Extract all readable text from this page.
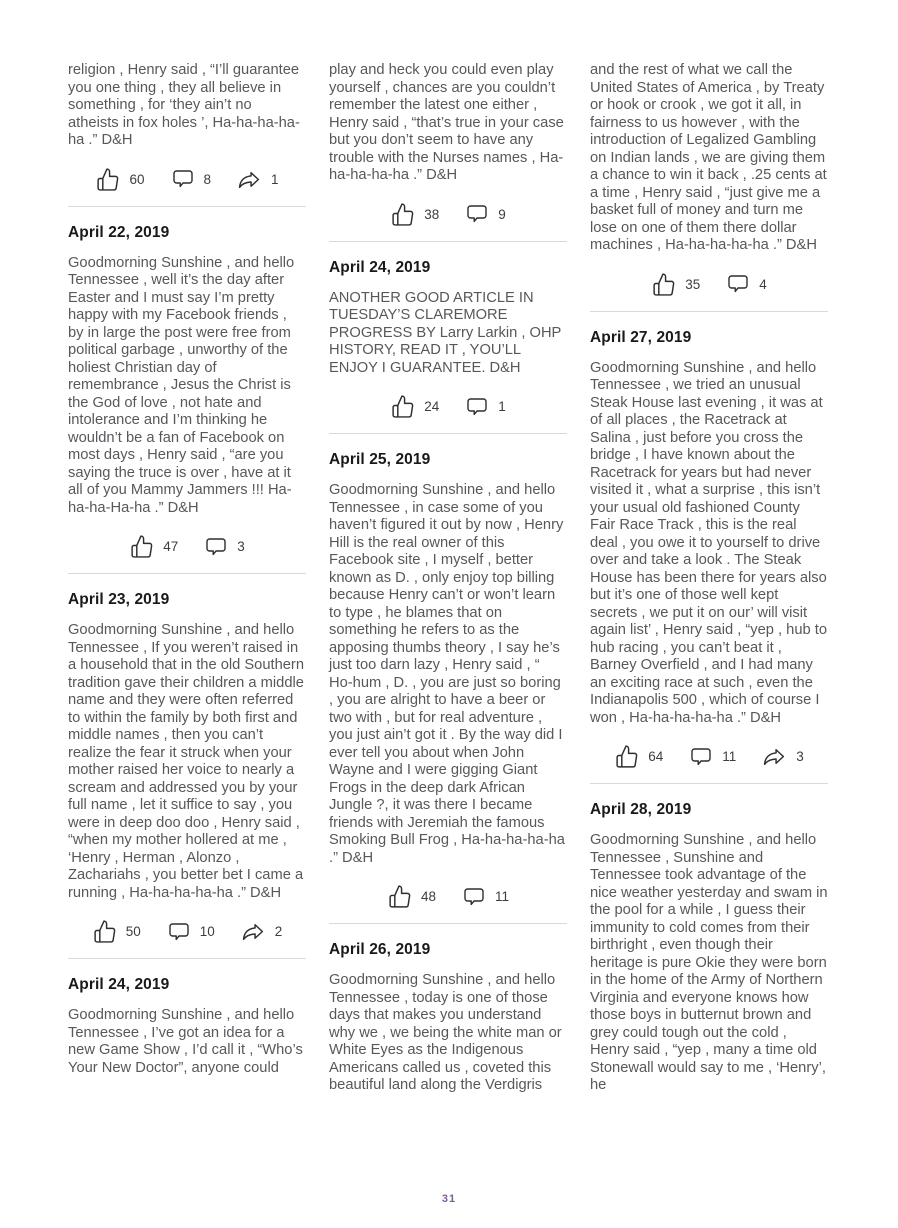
religion , Henry said , “I’ll guarantee you one thing , they all believe in something , for ‘they ain’t no atheists in fox holes ’, Ha-ha-ha-ha-ha .” D&H

60	8	1
April 22, 2019

Goodmorning Sunshine , and hello Tennessee , well it’s the day after Easter and I must say I’m pretty happy with my Facebook friends , by in large the post were free from political garbage , unworthy of the holiest Christian day of remembrance , Jesus the Christ is the God of love , not hate and intolerance and I’m thinking he wouldn’t be a fan of Facebook on most days , Henry said , “are you saying the truce is over , have at it all of you Mammy Jammers !!! Ha-ha-ha-Ha-ha .” D&H

47	3
April 23, 2019

Goodmorning Sunshine , and hello Tennessee , If you weren’t raised in a household that in the old Southern tradition gave their children a middle name and they were often referred to within the family by both first and middle names , then you can’t realize the fear it struck when your mother raised her voice to nearly a scream and addressed you by your full name , let it suffice to say , you were in deep doo doo , Henry said , “when my mother hollered at me , ‘Henry , Herman , Alonzo , Zachariahs , you better bet I came a running , Ha-ha-ha-ha-ha .” D&H

50	10	2
April 24, 2019

Goodmorning Sunshine , and hello Tennessee , I’ve got an idea for a new Game Show , I’d call it , “Who’s Your New Doctor”, anyone could

play and heck you could even play yourself , chances are you couldn’t remember the latest one either , Henry said , “that’s true in your case but you don’t seem to have any trouble with the Nurses names , Ha-ha-ha-ha-ha .” D&H

38	9
April 24, 2019

ANOTHER GOOD ARTICLE IN TUESDAY’S CLAREMORE PROGRESS BY Larry Larkin , OHP HISTORY, READ IT , YOU’LL ENJOY I GUARANTEE. D&H

24	1
April 25, 2019

Goodmorning Sunshine , and hello Tennessee , in case some of you haven’t figured it out by now , Henry Hill is the real owner of this Facebook site , I myself , better known as D. , only enjoy top billing because Henry can’t or won’t learn to type , he blames that on something he refers to as the apposing thumbs theory , I say he’s just too darn lazy , Henry said , “ Ho-hum , D. , you are just so boring , you are alright to have a beer or two with , but for real adventure , you just ain’t got it . By the way did I ever tell you about when John Wayne and I were gigging Giant Frogs in the deep dark African Jungle ?, it was there I became friends with Jeremiah the famous Smoking Bull Frog , Ha-ha-ha-ha-ha .” D&H

48	11
April 26, 2019

Goodmorning Sunshine , and hello Tennessee , today is one of those days that makes you understand why we , we being the white man or White Eyes as the Indigenous Americans called us , coveted this beautiful land along the Verdigris

and the rest of what we call the United States of America , by Treaty or hook or crook , we got it all, in fairness to us however , with the introduction of Legalized Gambling on Indian lands , we are giving them a chance to win it back , .25 cents at a time , Henry said , “just give me a basket full of money and turn me lose on one of them there dollar machines , Ha-ha-ha-ha-ha .” D&H

35	4
April 27, 2019

Goodmorning Sunshine , and hello Tennessee , we tried an unusual Steak House last evening , it was at of all places , the Racetrack at Salina , just before you cross the bridge , I have known about the Racetrack for years but had never visited it , what a surprise , this isn’t your usual old fashioned County Fair Race Track , this is the real deal , you owe it to yourself to drive over and take a look . The Steak House has been there for years also but it’s one of those well kept secrets , we put it on our’ will visit again list’ , Henry said , “yep , hub to hub racing , you can’t beat it , Barney Overfield , and I had many an exciting race at such , even the Indianapolis 500 , which of course I won , Ha-ha-ha-ha-ha .” D&H

64	11	3
April 28, 2019

Goodmorning Sunshine , and hello Tennessee , Sunshine and Tennessee took advantage of the nice weather yesterday and swam in the pool for a while , I guess their immunity to cold comes from their birthright , even though their heritage is pure Okie they were born in the home of the Army of Northern Virginia and everyone knows how those boys in butternut brown and grey could tough out the cold , Henry said , “yep , many a time old Stonewall would say to me , ‘Henry’, he

31
